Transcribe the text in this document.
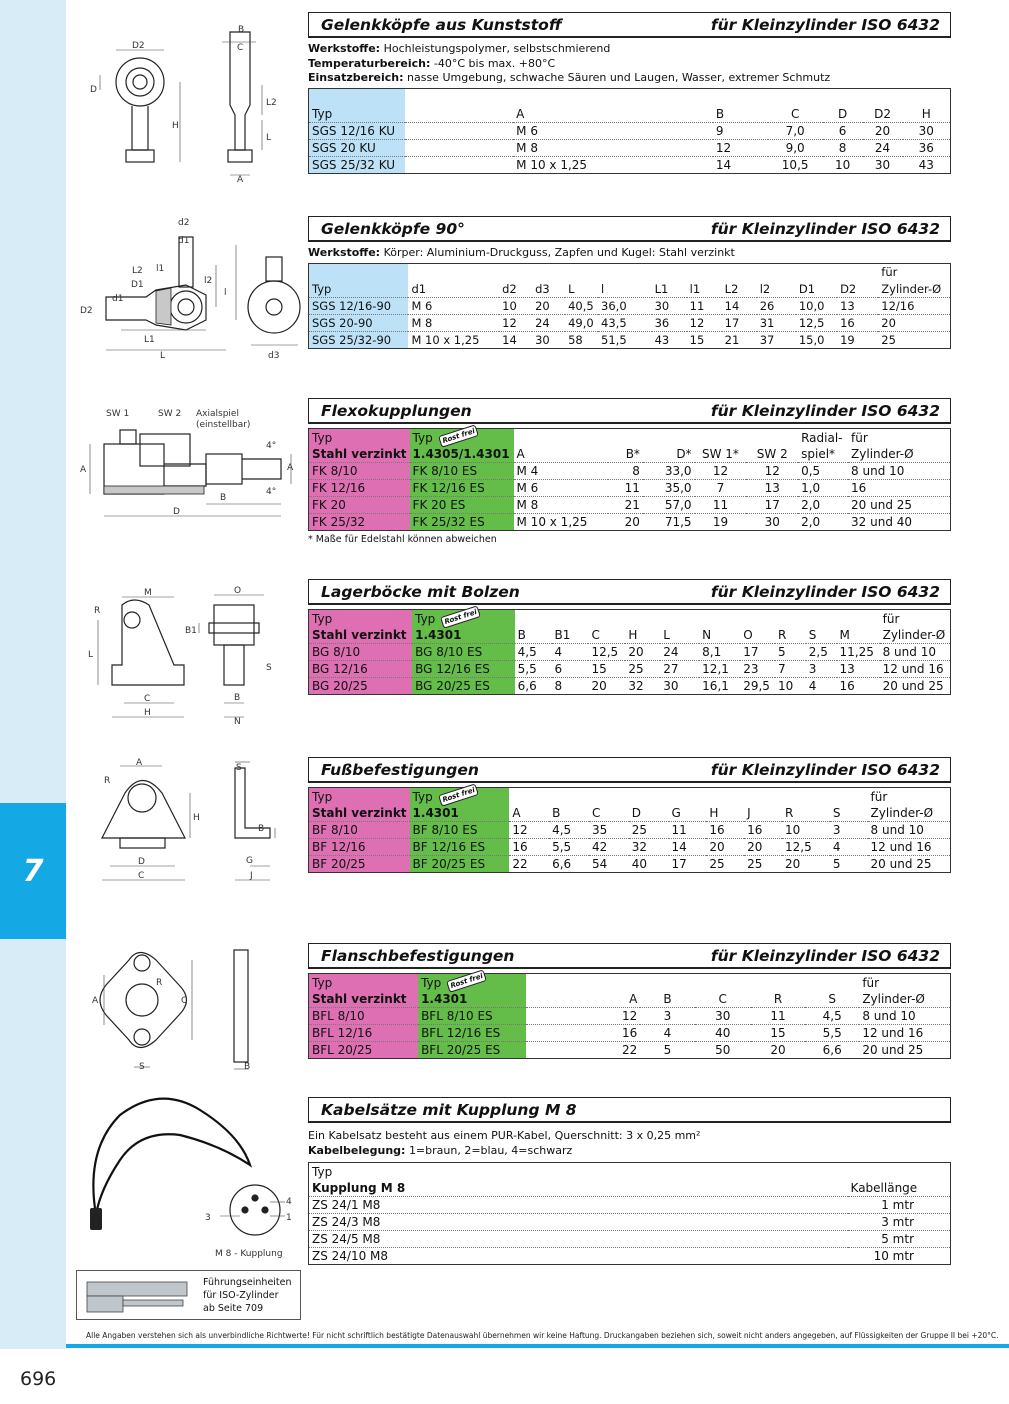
7
Gelenkköpfe aus Kunststoff	für Kleinzylinder ISO 6432
Werkstoffe: Hochleistungspolymer, selbstschmierend
Temperaturbereich: -40°C bis max. +80°C
Einsatzbereich: nasse Umgebung, schwache Säuren und Laugen, Wasser, extremer Schmutz

Typ		A	B	C	D	D2	H
SGS 12/16 KU		M 6	9	7,0	6	20	30
SGS 20 KU		M 8	12	9,0	8	24	36
SGS 25/32 KU		M 10 x 1,25	14	10,5	10	30	43
Gelenkköpfe 90°	für Kleinzylinder ISO 6432
Werkstoffe: Körper: Aluminium-Druckguss, Zapfen und Kugel: Stahl verzinkt
												für
Typ	d1	d2	d3	L	l	L1	l1	L2	l2	D1	D2	Zylinder-Ø
SGS 12/16-90	M 6	10	20	40,5	36,0	30	11	14	26	10,0	13	12/16
SGS 20-90	M 8	12	24	49,0	43,5	36	12	17	31	12,5	16	20
SGS 25/32-90	M 10 x 1,25	14	30	58	51,5	43	15	21	37	15,0	19	25
Flexokupplungen	für Kleinzylinder ISO 6432
Typ	Typ Rost frei						Radial-	für
Stahl verzinkt	1.4305/1.4301	A	B*	D*	SW 1*	SW 2	spiel*	Zylinder-Ø
FK 8/10	FK 8/10 ES	M 4	8	33,0	12	12	0,5	8 und 10
FK 12/16	FK 12/16 ES	M 6	11	35,0	7	13	1,0	16
FK 20	FK 20 ES	M 8	21	57,0	11	17	2,0	20 und 25
FK 25/32	FK 25/32 ES	M 10 x 1,25	20	71,5	19	30	2,0	32 und 40
* Maße für Edelstahl können abweichen
Lagerböcke mit Bolzen	für Kleinzylinder ISO 6432
Typ	Typ Rost frei											für
Stahl verzinkt	1.4301	B	B1	C	H	L	N	O	R	S	M	Zylinder-Ø
BG 8/10	BG 8/10 ES	4,5	4	12,5	20	24	8,1	17	5	2,5	11,25	8 und 10
BG 12/16	BG 12/16 ES	5,5	6	15	25	27	12,1	23	7	3	13	12 und 16
BG 20/25	BG 20/25 ES	6,6	8	20	32	30	16,1	29,5	10	4	16	20 und 25
Fußbefestigungen	für Kleinzylinder ISO 6432
Typ	Typ Rost frei										für
Stahl verzinkt	1.4301	A	B	C	D	G	H	J	R	S	Zylinder-Ø
BF 8/10	BF 8/10 ES	12	4,5	35	25	11	16	16	10	3	8 und 10
BF 12/16	BF 12/16 ES	16	5,5	42	32	14	20	20	12,5	4	12 und 16
BF 20/25	BF 20/25 ES	22	6,6	54	40	17	25	25	20	5	20 und 25
Flanschbefestigungen	für Kleinzylinder ISO 6432
Typ	Typ Rost frei						für
Stahl verzinkt	1.4301	A	B	C	R	S	Zylinder-Ø
BFL 8/10	BFL 8/10 ES	12	3	30	11	4,5	8 und 10
BFL 12/16	BFL 12/16 ES	16	4	40	15	5,5	12 und 16
BFL 20/25	BFL 20/25 ES	22	5	50	20	6,6	20 und 25
Kabelsätze mit Kupplung M 8
Ein Kabelsatz besteht aus einem PUR-Kabel, Querschnitt: 3 x 0,25 mm²
Kabelbelegung: 1=braun, 2=blau, 4=schwarz
Typ	
Kupplung M 8	Kabellänge
ZS 24/1 M8	1 mtr
ZS 24/3 M8	3 mtr
ZS 24/5 M8	5 mtr
ZS 24/10 M8	10 mtr
D2
D
H
B
C
L2
L
A
d2
d1
l1
L2
D1
d1
D2
L1
L
l2
l
d3
SW 1	SW 2 Axialspiel
(einstellbar)
A	A
4°
4°
B
D
M
R
L
C
H
O
B1
S
B
N
A
R
H
D
C
S
B
G
J
A
R
C
S	B
4
3	1
M 8 - Kupplung
Führungseinheiten
für ISO-Zylinder
ab Seite 709
Alle Angaben verstehen sich als unverbindliche Richtwerte! Für nicht schriftlich bestätigte Datenauswahl übernehmen wir keine Haftung. Druckangaben beziehen sich, soweit nicht anders angegeben, auf Flüssigkeiten der Gruppe II bei +20°C.
696
